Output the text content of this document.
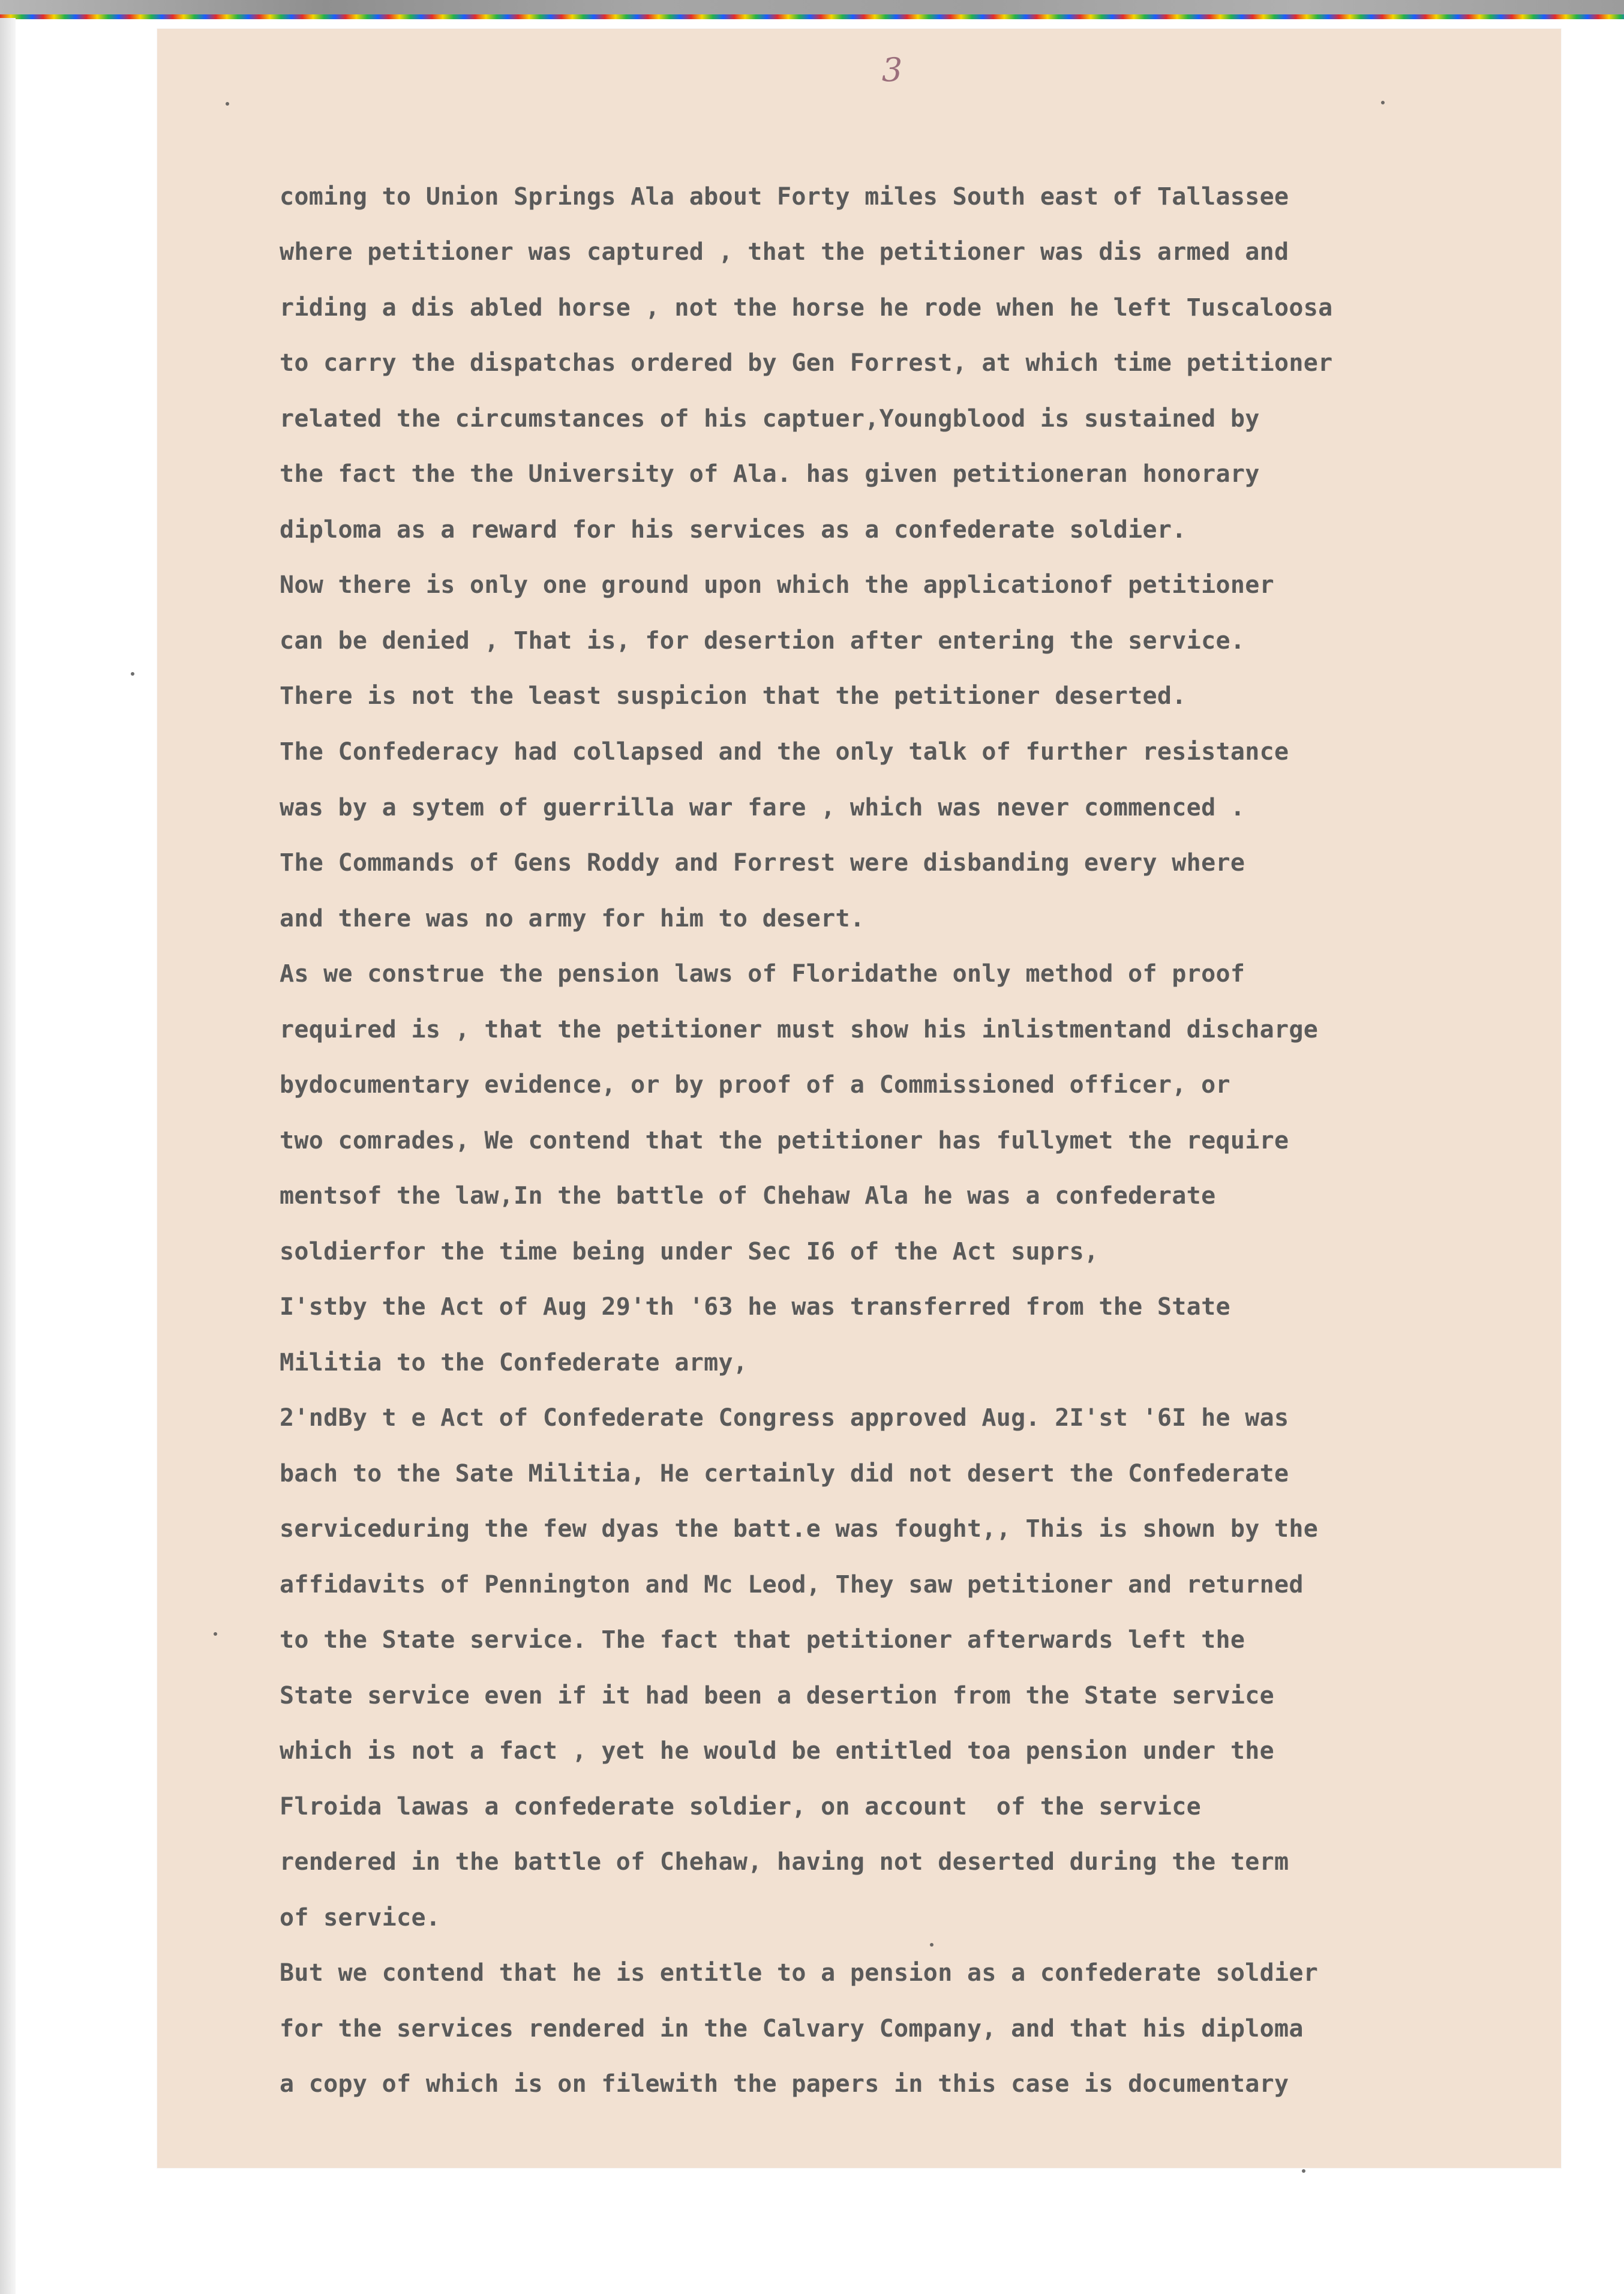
3
coming to Union Springs Ala about Forty miles South east of Tallassee
where petitioner was captured , that the petitioner was dis armed and
riding a dis abled horse , not the horse he rode when he left Tuscaloosa
to carry the dispatchas ordered by Gen Forrest, at which time petitioner
related the circumstances of his captuer,Youngblood is sustained by
the fact the the University of Ala. has given petitioneran honorary
diploma as a reward for his services as a confederate soldier.
Now there is only one ground upon which the applicationof petitioner
can be denied , That is, for desertion after entering the service.
There is not the least suspicion that the petitioner deserted.
The Confederacy had collapsed and the only talk of further resistance
was by a sytem of guerrilla war fare , which was never commenced .
The Commands of Gens Roddy and Forrest were disbanding every where
and there was no army for him to desert.
As we construe the pension laws of Floridathe only method of proof
required is , that the petitioner must show his inlistmentand discharge
bydocumentary evidence, or by proof of a Commissioned officer, or
two comrades, We contend that the petitioner has fullymet the require
mentsof the law,In the battle of Chehaw Ala he was a confederate
soldierfor the time being under Sec I6 of the Act suprs,
I'stby the Act of Aug 29'th '63 he was transferred from the State
Militia to the Confederate army,
2'ndBy t e Act of Confederate Congress approved Aug. 2I'st '6I he was
bach to the Sate Militia, He certainly did not desert the Confederate
serviceduring the few dyas the batt.e was fought,, This is shown by the
affidavits of Pennington and Mc Leod, They saw petitioner and returned
to the State service. The fact that petitioner afterwards left the
State service even if it had been a desertion from the State service
which is not a fact , yet he would be entitled toa pension under the
Flroida lawas a confederate soldier, on account  of the service
rendered in the battle of Chehaw, having not deserted during the term
of service.
But we contend that he is entitle to a pension as a confederate soldier
for the services rendered in the Calvary Company, and that his diploma
a copy of which is on filewith the papers in this case is documentary
